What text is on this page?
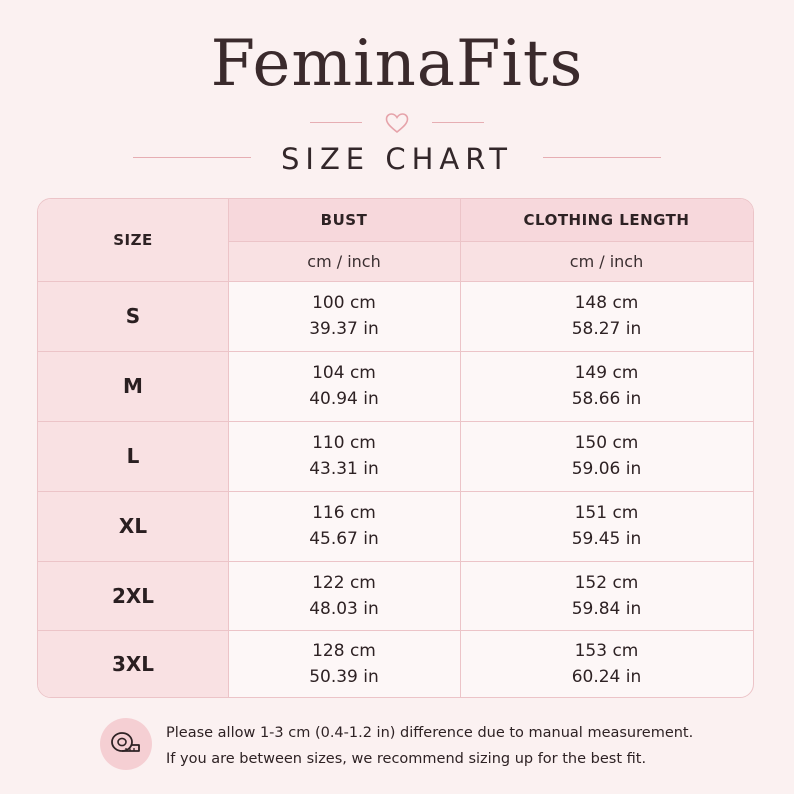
FeminaFits
SIZE CHART
SIZE
BUST	CLOTHING LENGTH
cm / inch	cm / inch
S
100 cm
39.37 in
148 cm
58.27 in
M
104 cm
40.94 in
149 cm
58.66 in
L
110 cm
43.31 in
150 cm
59.06 in
XL
116 cm
45.67 in
151 cm
59.45 in
2XL
122 cm
48.03 in
152 cm
59.84 in
3XL
128 cm
50.39 in
153 cm
60.24 in
Please allow 1-3 cm (0.4-1.2 in) difference due to manual measurement.
If you are between sizes, we recommend sizing up for the best fit.
